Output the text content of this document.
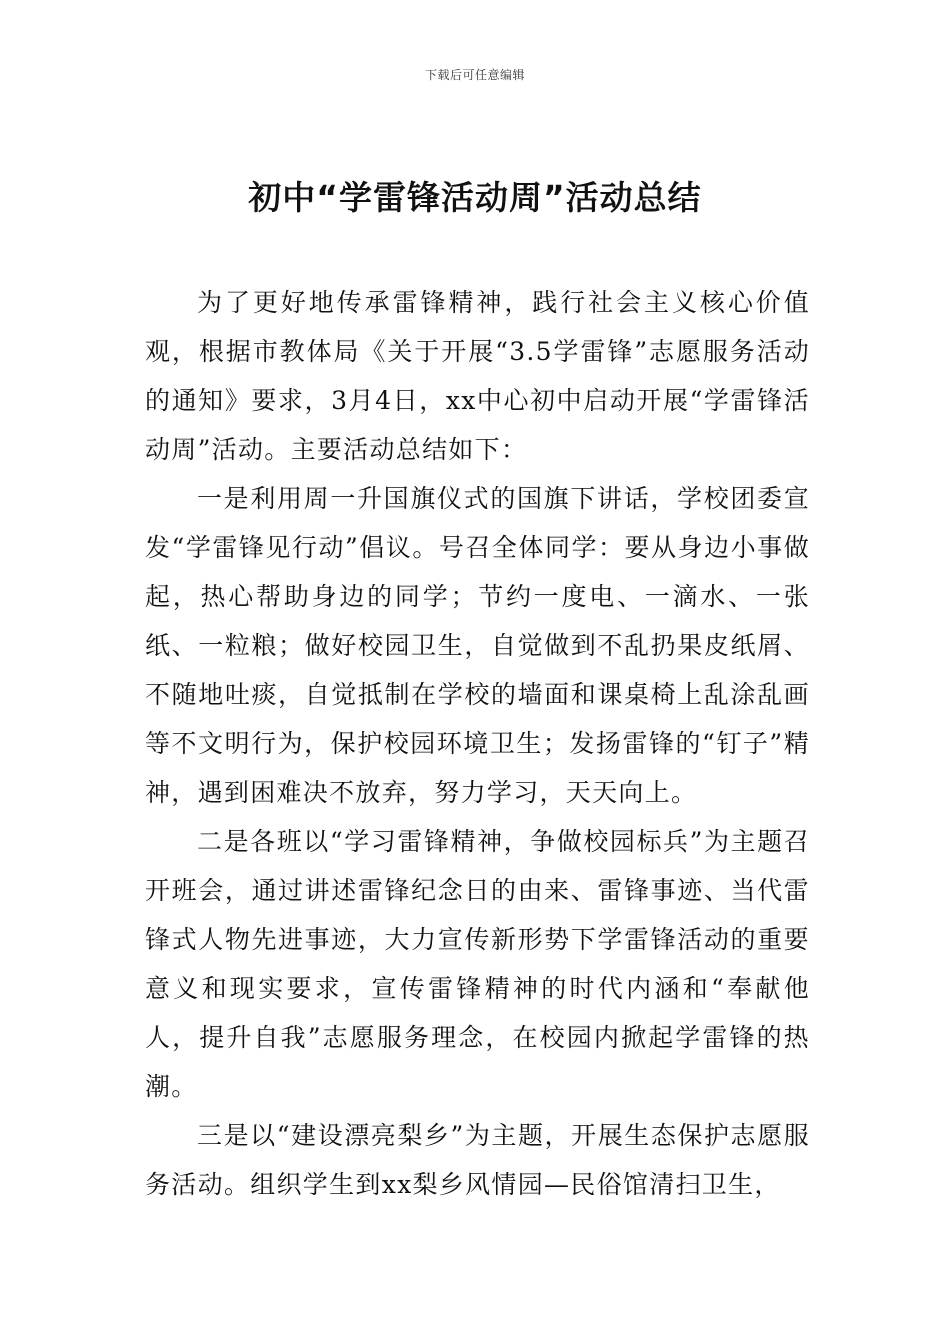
下载后可任意编辑
初中“学雷锋活动周”活动总结

为了更好地传承雷锋精神，践行社会主义核心价值观，根据市教体局《关于开展“3.5学雷锋”志愿服务活动的通知》要求，3月4日，xx中心初中启动开展“学雷锋活动周”活动。主要活动总结如下：

一是利用周一升国旗仪式的国旗下讲话，学校团委宣发“学雷锋见行动”倡议。号召全体同学：要从身边小事做起，热心帮助身边的同学；节约一度电、一滴水、一张纸、一粒粮；做好校园卫生，自觉做到不乱扔果皮纸屑、不随地吐痰，自觉抵制在学校的墙面和课桌椅上乱涂乱画等不文明行为，保护校园环境卫生；发扬雷锋的“钉子”精神，遇到困难决不放弃，努力学习，天天向上。

二是各班以“学习雷锋精神，争做校园标兵”为主题召开班会，通过讲述雷锋纪念日的由来、雷锋事迹、当代雷锋式人物先进事迹，大力宣传新形势下学雷锋活动的重要意义和现实要求，宣传雷锋精神的时代内涵和“奉献他人，提升自我”志愿服务理念，在校园内掀起学雷锋的热潮。

三是以“建设漂亮梨乡”为主题，开展生态保护志愿服务活动。组织学生到xx梨乡风情园—民俗馆清扫卫生，
